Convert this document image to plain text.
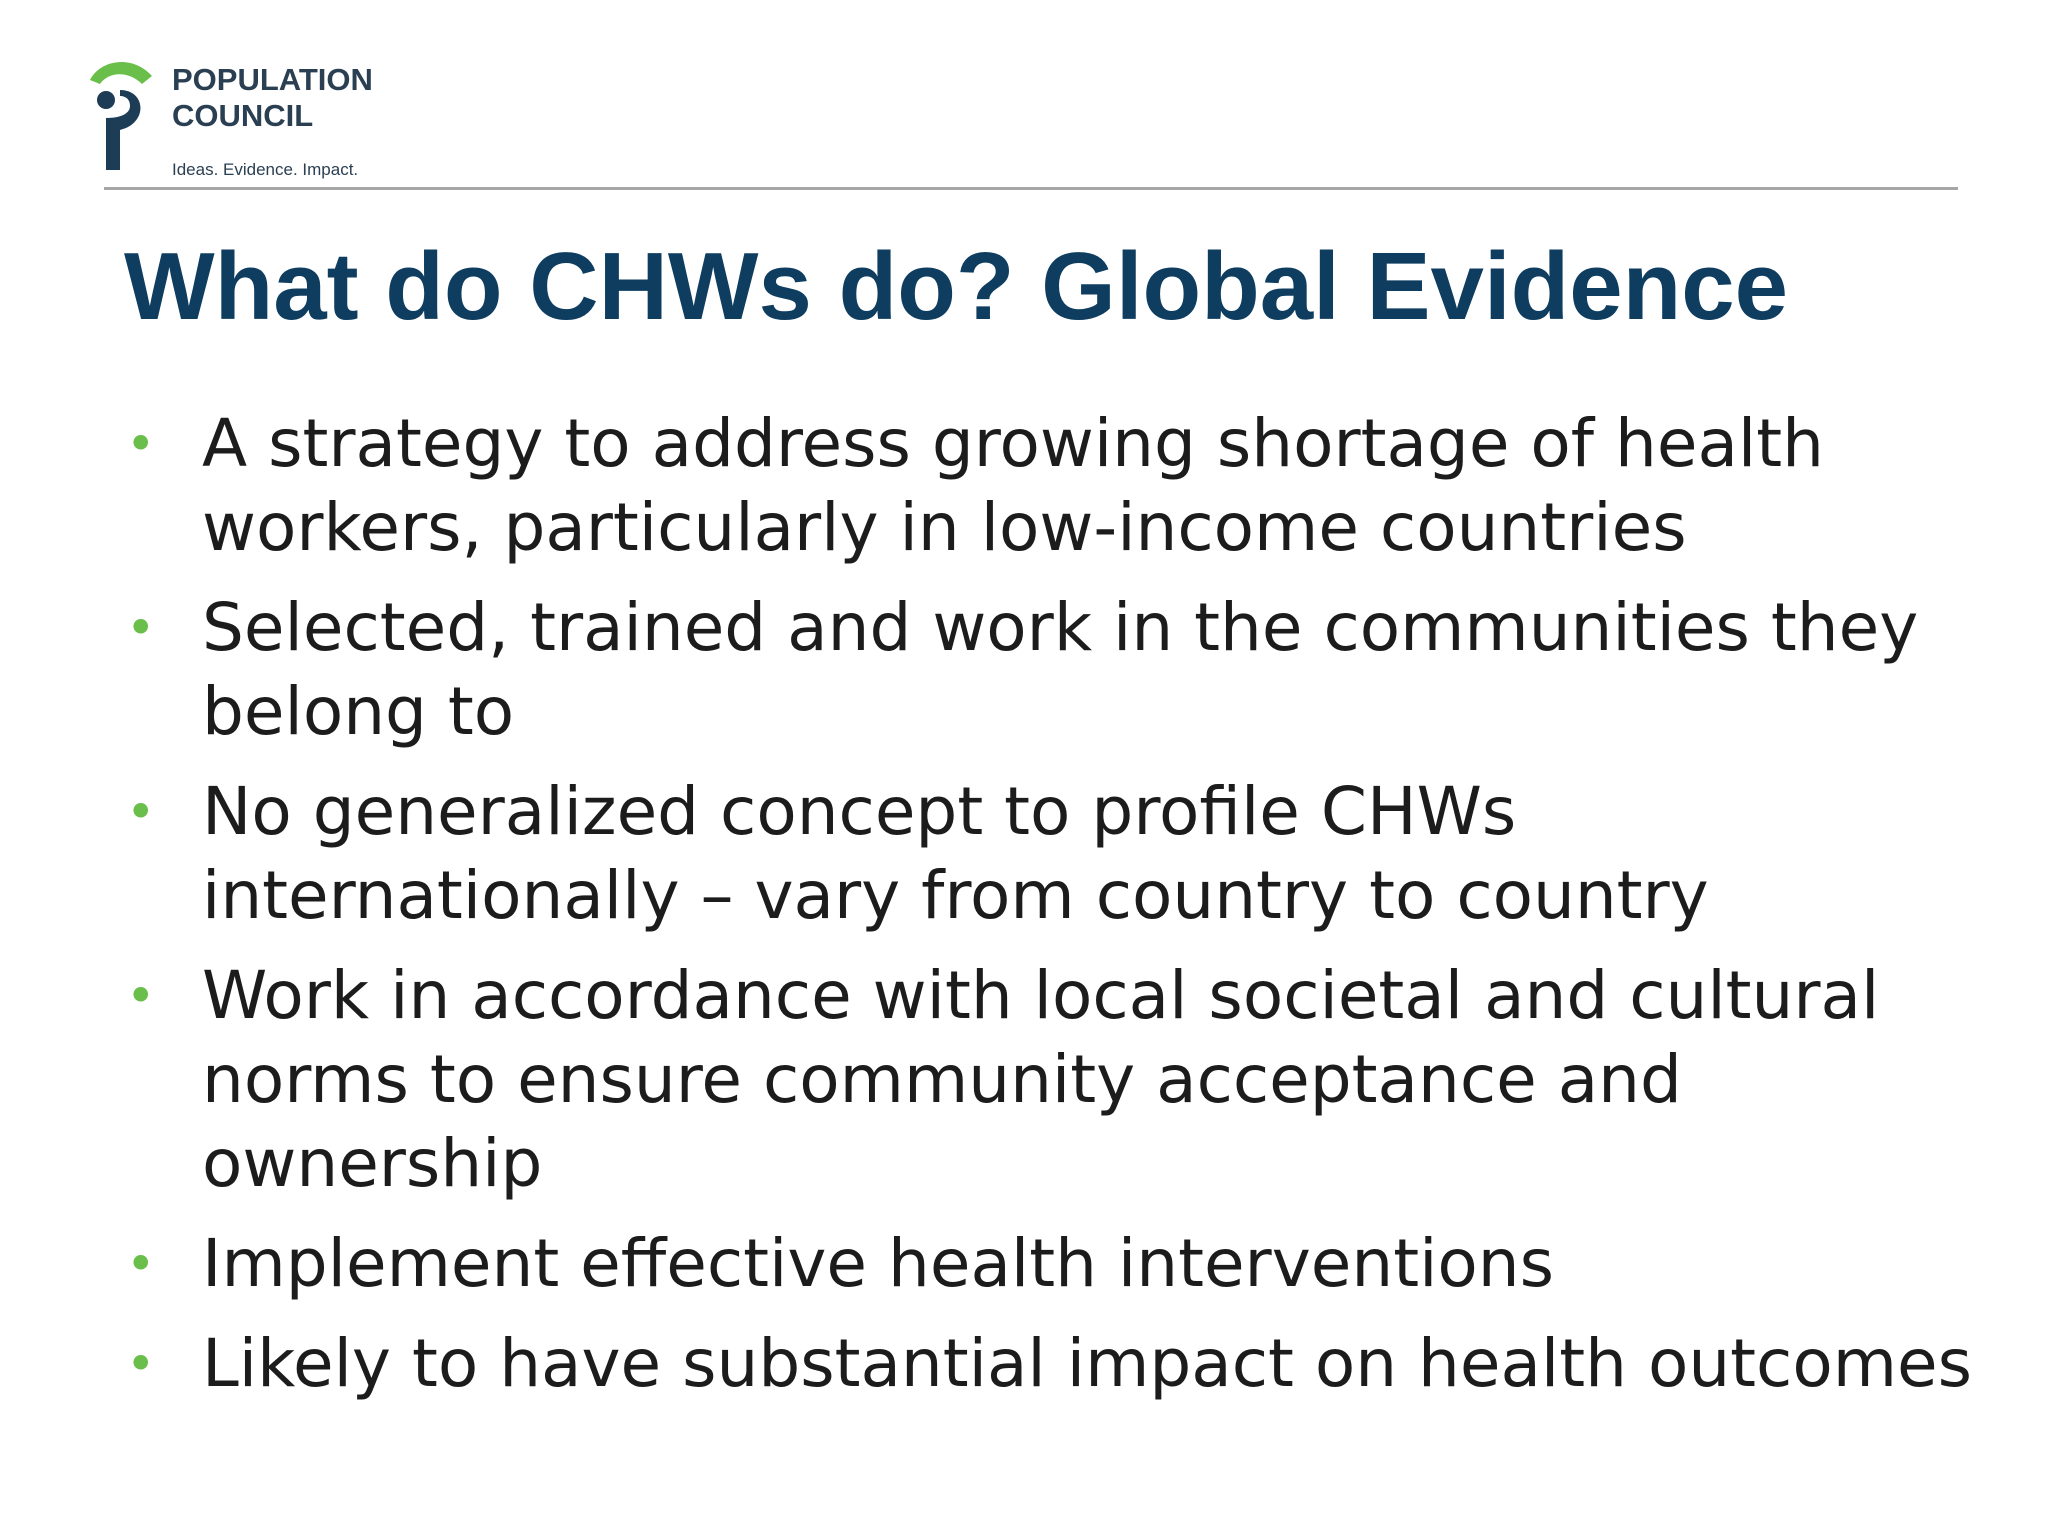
POPULATION
COUNCIL
Ideas. Evidence. Impact.
What do CHWs do? Global Evidence
• A strategy to address growing shortage of health workers, particularly in low-income countries
• Selected, trained and work in the communities they belong to
• No generalized concept to profile CHWs internationally – vary from country to country
• Work in accordance with local societal and cultural norms to ensure community acceptance and ownership
• Implement effective health interventions
• Likely to have substantial impact on health outcomes
